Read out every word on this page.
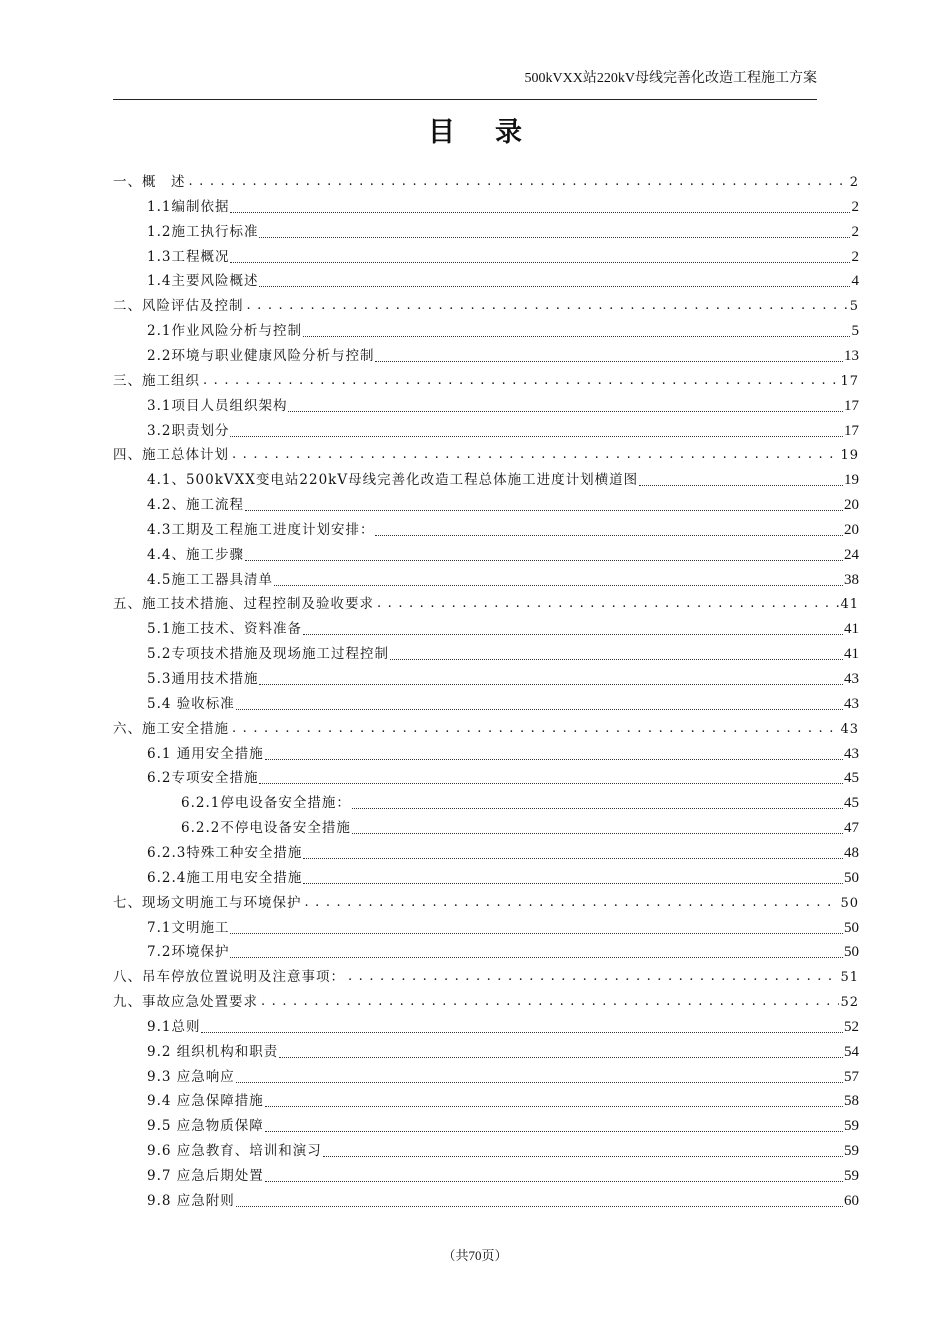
500kVXX站220kV母线完善化改造工程施工方案
目录
一、概　述 . . .	2
1.1编制依据	2
1.2施工执行标准	2
1.3工程概况	2
1.4主要风险概述	4
二、风险评估及控制 . . .	5
2.1作业风险分析与控制	5
2.2环境与职业健康风险分析与控制	13
三、施工组织 . . .	17
3.1项目人员组织架构	17
3.2职责划分	17
四、施工总体计划 . . .	19
4.1、500kVXX变电站220kV母线完善化改造工程总体施工进度计划横道图	19
4.2、施工流程	20
4.3工期及工程施工进度计划安排：	20
4.4、施工步骤	24
4.5施工工器具清单	38
五、施工技术措施、过程控制及验收要求 . . .	41
5.1施工技术、资料准备	41
5.2专项技术措施及现场施工过程控制	41
5.3通用技术措施	43
5.4 验收标准	43
六、施工安全措施 . . .	43
6.1 通用安全措施	43
6.2专项安全措施	45
6.2.1停电设备安全措施：	45
6.2.2不停电设备安全措施	47
6.2.3特殊工种安全措施	48
6.2.4施工用电安全措施	50
七、现场文明施工与环境保护 . . .	50
7.1文明施工	50
7.2环境保护	50
八、吊车停放位置说明及注意事项： . . .	51
九、事故应急处置要求 . . .	52
9.1总则	52
9.2 组织机构和职责	54
9.3 应急响应	57
9.4 应急保障措施	58
9.5 应急物质保障	59
9.6 应急教育、培训和演习	59
9.7 应急后期处置	59
9.8 应急附则	60
（共70页）
